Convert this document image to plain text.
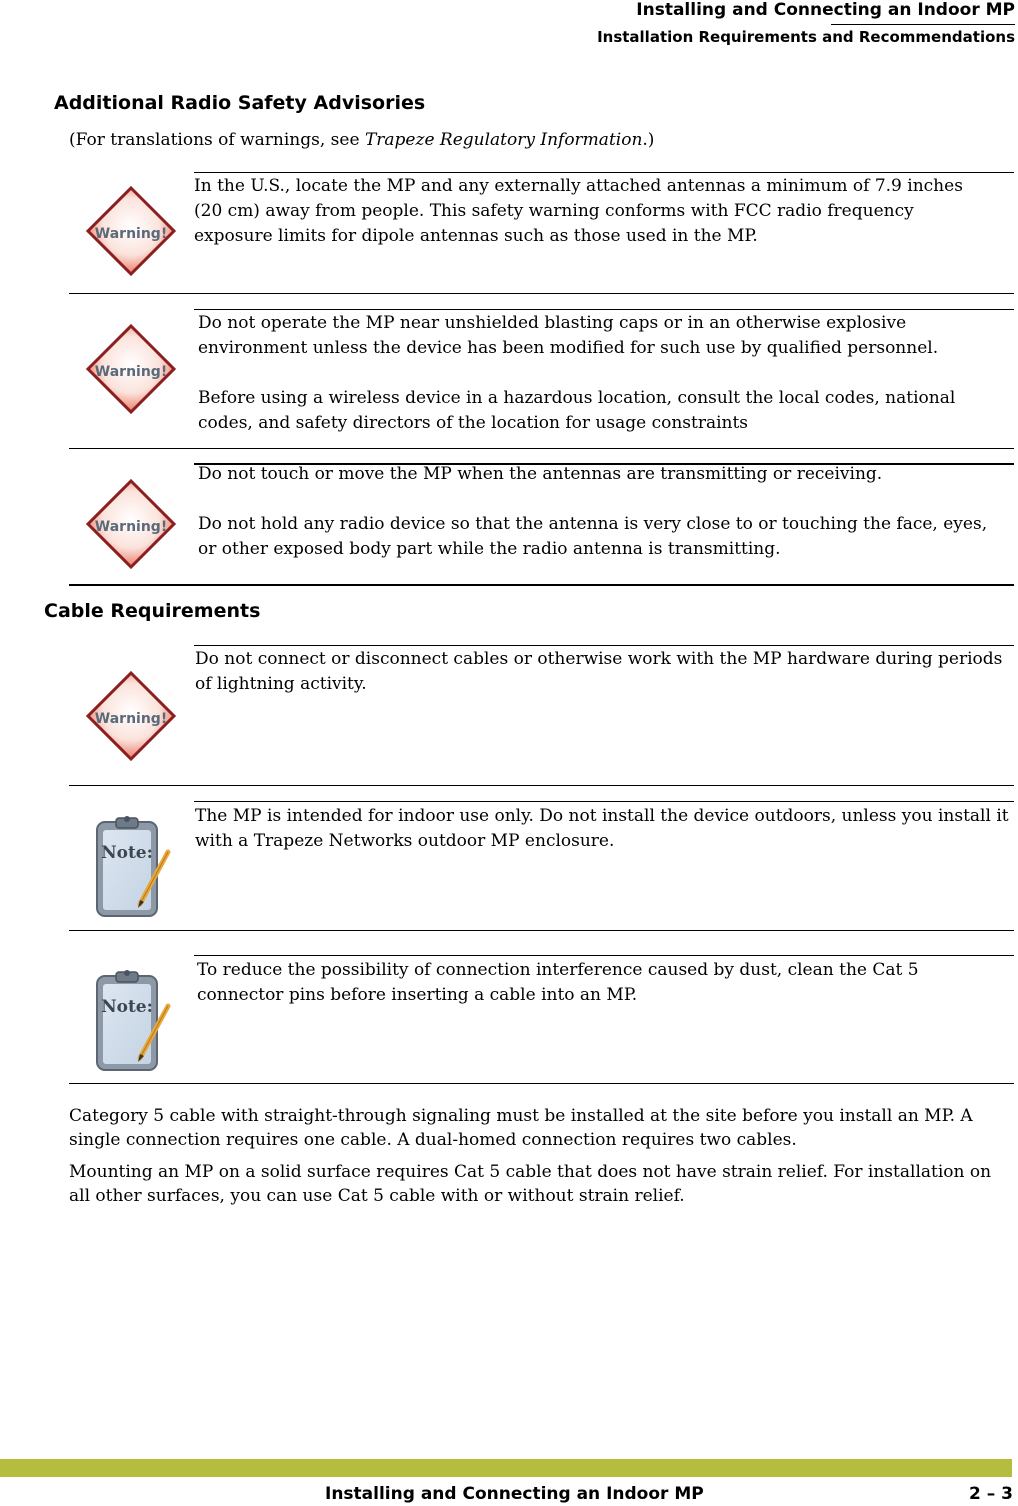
Installing and Connecting an Indoor MP
Installation Requirements and Recommendations
Additional Radio Safety Advisories
(For translations of warnings, see Trapeze Regulatory Information.)
Warning!

In the U.S., locate the MP and any externally attached antennas a minimum of 7.9 inches (20 cm) away from people. This safety warning conforms with FCC radio frequency exposure limits for dipole antennas such as those used in the MP.

Warning!

Do not operate the MP near unshielded blasting caps or in an otherwise explosive environment unless the device has been modified for such use by qualified personnel.

Before using a wireless device in a hazardous location, consult the local codes, national codes, and safety directors of the location for usage constraints

Warning!

Do not touch or move the MP when the antennas are transmitting or receiving.

Do not hold any radio device so that the antenna is very close to or touching the face, eyes, or other exposed body part while the radio antenna is transmitting.

Cable Requirements
Warning!

Do not connect or disconnect cables or otherwise work with the MP hardware during periods of lightning activity.

Note:

The MP is intended for indoor use only. Do not install the device outdoors, unless you install it with a Trapeze Networks outdoor MP enclosure.

Note:

To reduce the possibility of connection interference caused by dust, clean the Cat 5 connector pins before inserting a cable into an MP.

Category 5 cable with straight-through signaling must be installed at the site before you install an MP. A single connection requires one cable. A dual-homed connection requires two cables.
Mounting an MP on a solid surface requires Cat 5 cable that does not have strain relief. For installation on all other surfaces, you can use Cat 5 cable with or without strain relief.
Installing and Connecting an Indoor MP	2 – 3
